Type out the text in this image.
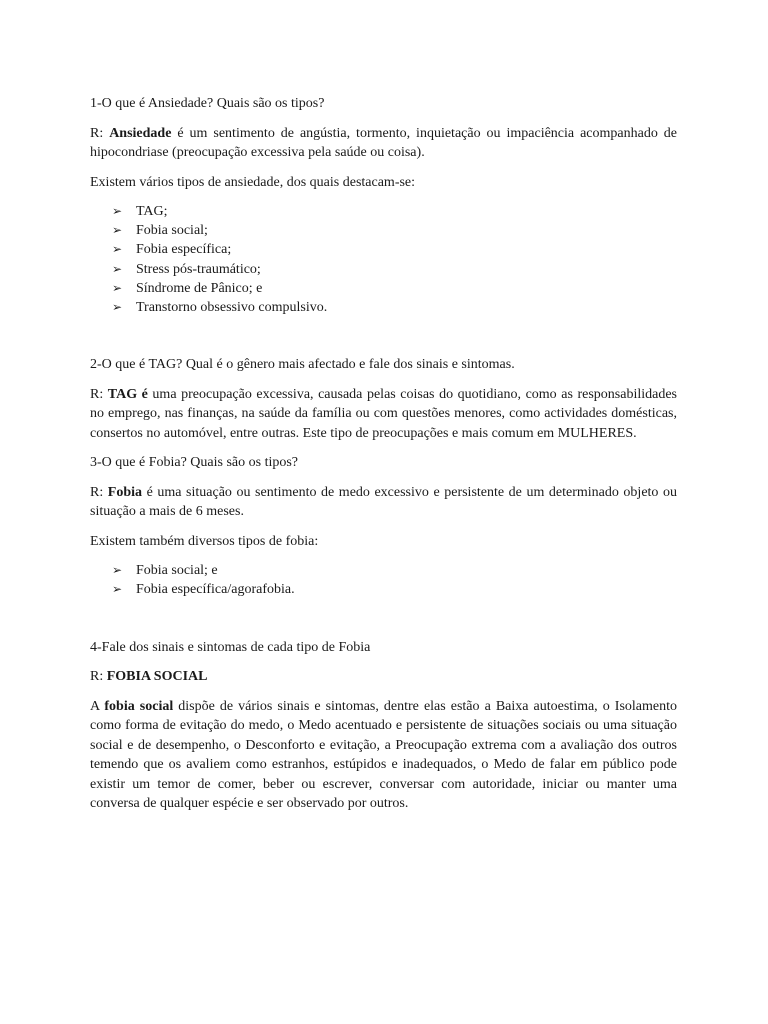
1-O que é Ansiedade? Quais são os tipos?

R: Ansiedade é um sentimento de angústia, tormento, inquietação ou impaciência acompanhado de hipocondriase (preocupação excessiva pela saúde ou coisa).

Existem vários tipos de ansiedade, dos quais destacam-se:

➢ TAG;
➢ Fobia social;
➢ Fobia específica;
➢ Stress pós-traumático;
➢ Síndrome de Pânico; e
➢ Transtorno obsessivo compulsivo.

2-O que é TAG? Qual é o gênero mais afectado e fale dos sinais e sintomas.

R: TAG é uma preocupação excessiva, causada pelas coisas do quotidiano, como as responsabilidades no emprego, nas finanças, na saúde da família ou com questões menores, como actividades domésticas, consertos no automóvel, entre outras. Este tipo de preocupações e mais comum em MULHERES.

3-O que é Fobia? Quais são os tipos?

R: Fobia é uma situação ou sentimento de medo excessivo e persistente de um determinado objeto ou situação a mais de 6 meses.

Existem também diversos tipos de fobia:

➢ Fobia social; e
➢ Fobia específica/agorafobia.

4-Fale dos sinais e sintomas de cada tipo de Fobia

R: FOBIA SOCIAL

A fobia social dispõe de vários sinais e sintomas, dentre elas estão a Baixa autoestima, o Isolamento como forma de evitação do medo, o Medo acentuado e persistente de situações sociais ou uma situação social e de desempenho, o Desconforto e evitação, a Preocupação extrema com a avaliação dos outros temendo que os avaliem como estranhos, estúpidos e inadequados, o Medo de falar em público pode existir um temor de comer, beber ou escrever, conversar com autoridade, iniciar ou manter uma conversa de qualquer espécie e ser observado por outros.
